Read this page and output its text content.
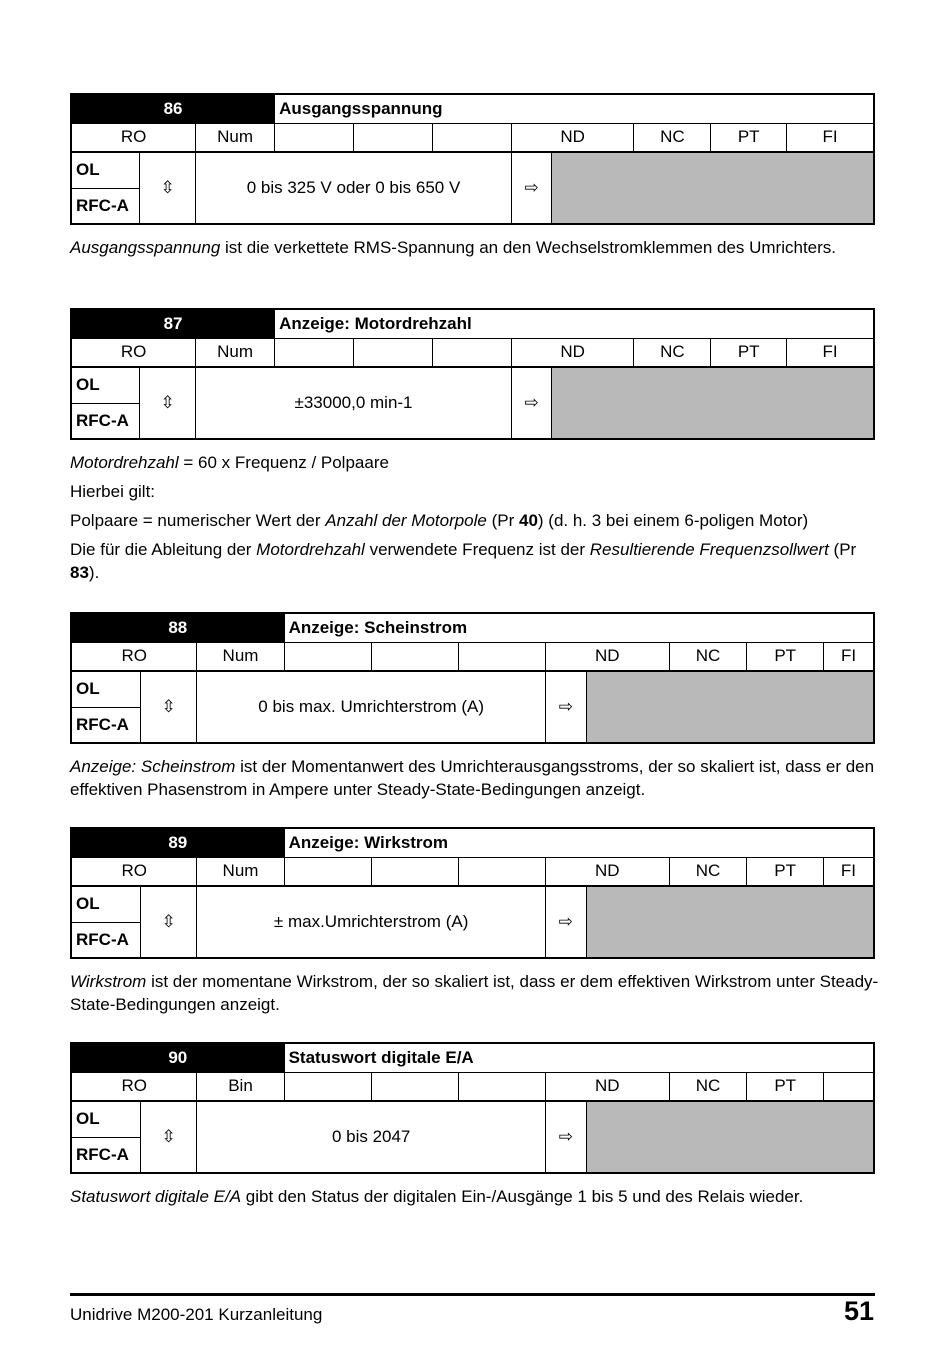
86			Ausgangsspannung							
RO		Num				ND		NC	PT	FI
OL	⇳	0 bis 325 V oder 0 bis 650 V				⇨				
RFC-A										

Ausgangsspannung ist die verkettete RMS-Spannung an den Wechselstromklemmen des Umrichters.

87			Anzeige: Motordrehzahl							
RO		Num				ND		NC	PT	FI
OL	⇳	±33000,0 min-1				⇨				
RFC-A										

Motordrehzahl = 60 x Frequenz / Polpaare

Hierbei gilt:

Polpaare = numerischer Wert der Anzahl der Motorpole (Pr 40) (d. h. 3 bei einem 6-poligen Motor)

Die für die Ableitung der Motordrehzahl verwendete Frequenz ist der Resultierende Frequenzsollwert (Pr 83).

88			Anzeige: Scheinstrom							
RO		Num				ND		NC	PT	FI
OL	⇳	0 bis max. Umrichterstrom (A)				⇨				
RFC-A										

Anzeige: Scheinstrom ist der Momentanwert des Umrichterausgangsstroms, der so skaliert ist, dass er den effektiven Phasenstrom in Ampere unter Steady-State-Bedingungen anzeigt.

89			Anzeige: Wirkstrom							
RO		Num				ND		NC	PT	FI
OL	⇳	± max.Umrichterstrom (A)				⇨				
RFC-A										

Wirkstrom ist der momentane Wirkstrom, der so skaliert ist, dass er dem effektiven Wirkstrom unter Steady-State-Bedingungen anzeigt.

90			Statuswort digitale E/A							
RO		Bin				ND		NC	PT	
OL	⇳	0 bis 2047				⇨				
RFC-A										

Statuswort digitale E/A gibt den Status der digitalen Ein-/Ausgänge 1 bis 5 und des Relais wieder.

Unidrive M200-201 Kurzanleitung	51
